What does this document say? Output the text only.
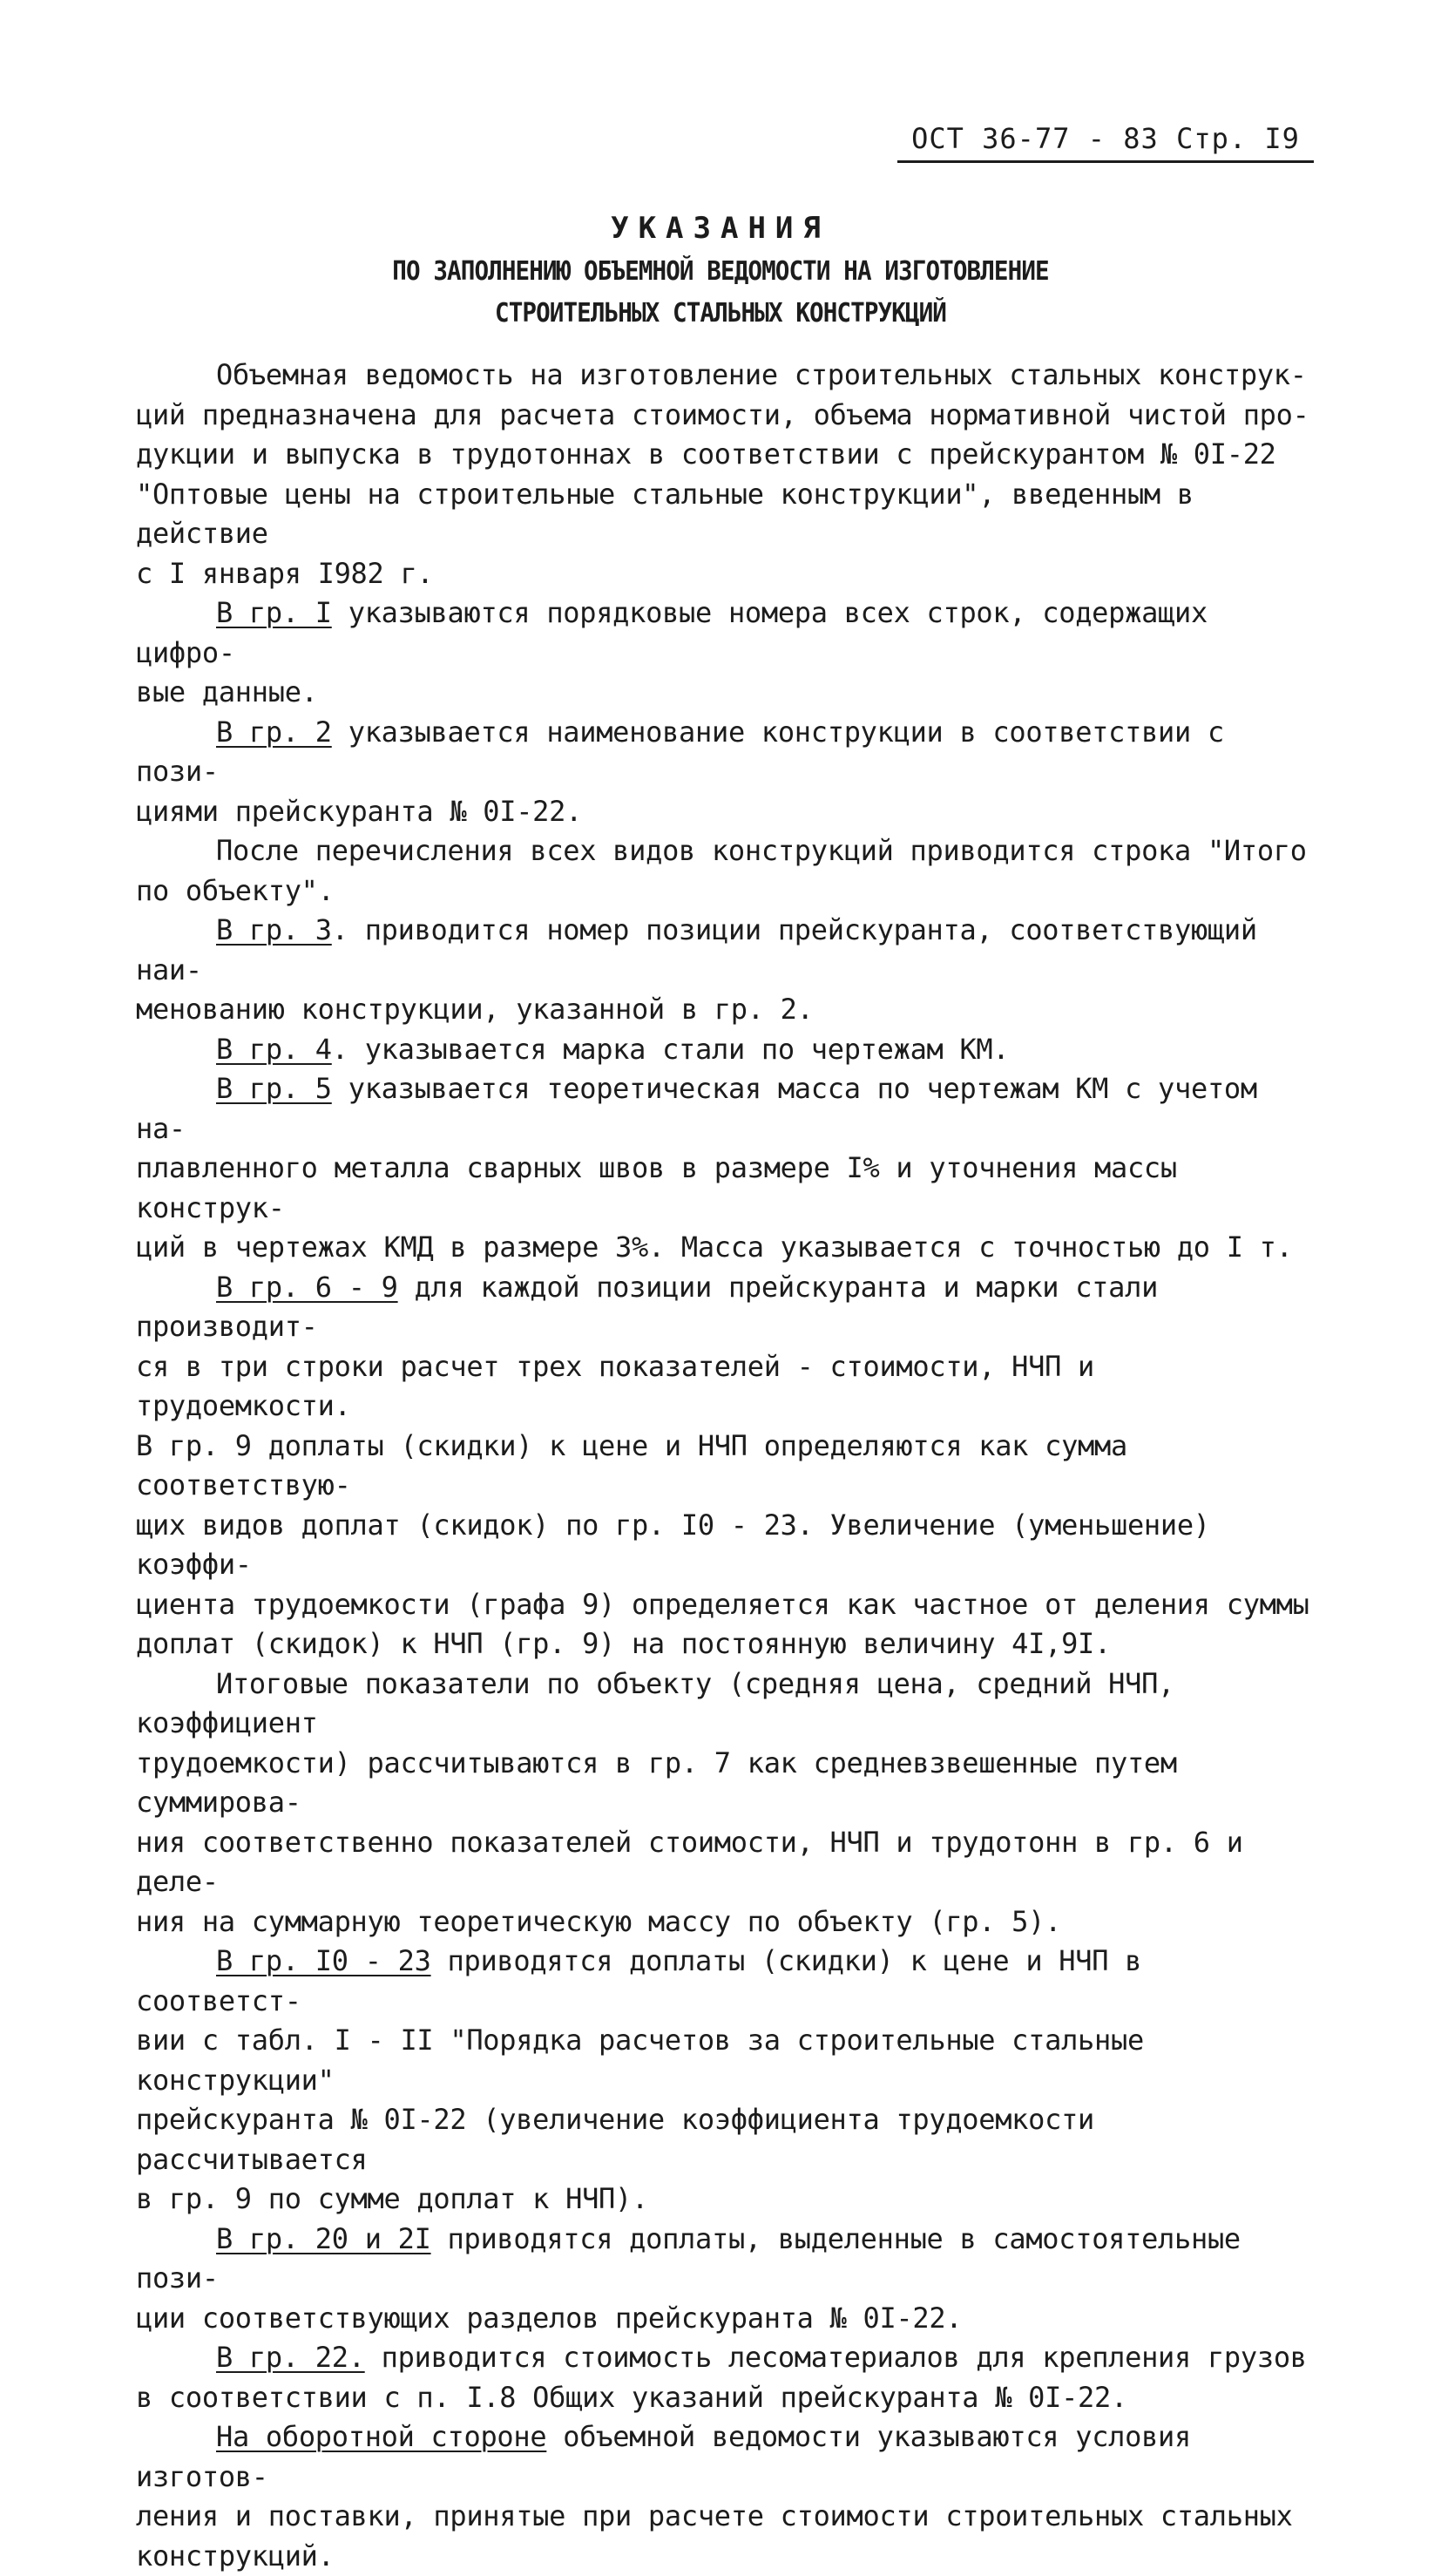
ОСТ 36-77 - 83 Стр. I9
УКАЗАНИЯ
ПО ЗАПОЛНЕНИЮ ОБЪЕМНОЙ ВЕДОМОСТИ НА ИЗГОТОВЛЕНИЕ
СТРОИТЕЛЬНЫХ СТАЛЬНЫХ КОНСТРУКЦИЙ

Объемная ведомость на изготовление строительных стальных конструк-
ций предназначена для расчета стоимости, объема нормативной чистой про-
дукции и выпуска в трудотоннах в соответствии с прейскурантом № 0I-22
"Оптовые цены на строительные стальные конструкции", введенным в действие
с I января I982 г.

В гр. I указываются порядковые номера всех строк, содержащих цифро-
вые данные.

В гр. 2 указывается наименование конструкции в соответствии с пози-
циями прейскуранта № 0I-22.

После перечисления всех видов конструкций приводится строка "Итого
по объекту".

В гр. 3. приводится номер позиции прейскуранта, соответствующий наи-
менованию конструкции, указанной в гр. 2.

В гр. 4. указывается марка стали по чертежам КМ.

В гр. 5 указывается теоретическая масса по чертежам КМ с учетом на-
плавленного металла сварных швов в размере I% и уточнения массы конструк-
ций в чертежах КМД в размере 3%. Масса указывается с точностью до I т.

В гр. 6 - 9 для каждой позиции прейскуранта и марки стали производит-
ся в три строки расчет трех показателей - стоимости, НЧП и трудоемкости.
В гр. 9 доплаты (скидки) к цене и НЧП определяются как сумма соответствую-
щих видов доплат (скидок) по гр. I0 - 23. Увеличение (уменьшение) коэффи-
циента трудоемкости (графа 9) определяется как частное от деления суммы
доплат (скидок) к НЧП (гр. 9) на постоянную величину 4I,9I.

Итоговые показатели по объекту (средняя цена, средний НЧП, коэффициент
трудоемкости) рассчитываются в гр. 7 как средневзвешенные путем суммирова-
ния соответственно показателей стоимости, НЧП и трудотонн в гр. 6 и деле-
ния на суммарную теоретическую массу по объекту (гр. 5).

В гр. I0 - 23 приводятся доплаты (скидки) к цене и НЧП в соответст-
вии с табл. I - II "Порядка расчетов за строительные стальные конструкции"
прейскуранта № 0I-22 (увеличение коэффициента трудоемкости рассчитывается
в гр. 9 по сумме доплат к НЧП).

В гр. 20 и 2I приводятся доплаты, выделенные в самостоятельные пози-
ции соответствующих разделов прейскуранта № 0I-22.

В гр. 22. приводится стоимость лесоматериалов для крепления грузов
в соответствии с п. I.8 Общих указаний прейскуранта № 0I-22.

На оборотной стороне объемной ведомости указываются условия изготов-
ления и поставки, принятые при расчете стоимости строительных стальных
конструкций.
